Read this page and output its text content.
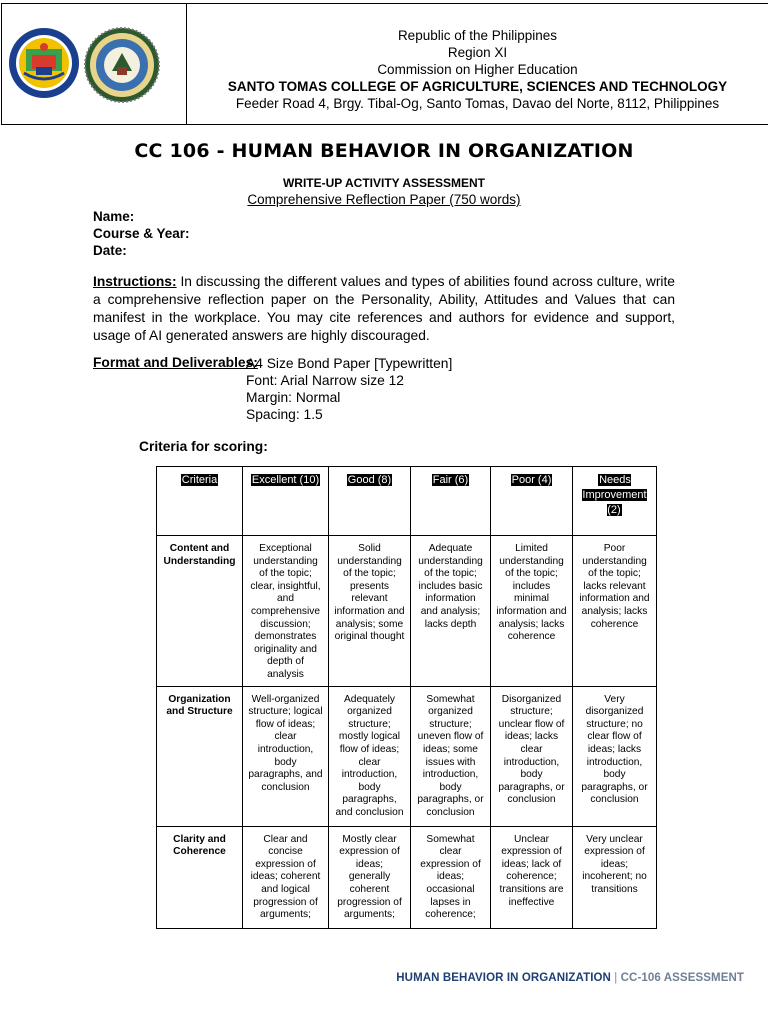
Republic of the Philippines
Region XI
Commission on Higher Education
SANTO TOMAS COLLEGE OF AGRICULTURE, SCIENCES AND TECHNOLOGY
Feeder Road 4, Brgy. Tibal-Og, Santo Tomas, Davao del Norte, 8112, Philippines
CC 106 - HUMAN BEHAVIOR IN ORGANIZATION
WRITE-UP ACTIVITY ASSESSMENT
Comprehensive Reflection Paper (750 words)
Name:
Course & Year:
Date:
Instructions: In discussing the different values and types of abilities found across culture, write a comprehensive reflection paper on the Personality, Ability, Attitudes and Values that can manifest in the workplace. You may cite references and authors for evidence and support, usage of AI generated answers are highly discouraged.
Format and Deliverables:
A4 Size Bond Paper [Typewritten]
Font: Arial Narrow size 12
Margin: Normal
Spacing: 1.5
Criteria for scoring:
Criteria	Excellent (10)	Good (8)	Fair (6)	Poor (4)	Needs Improvement (2)
Content and Understanding	Exceptional understanding of the topic; clear, insightful, and comprehensive discussion; demonstrates originality and depth of analysis	Solid understanding of the topic; presents relevant information and analysis; some original thought	Adequate understanding of the topic; includes basic information and analysis; lacks depth	Limited understanding of the topic; includes minimal information and analysis; lacks coherence	Poor understanding of the topic; lacks relevant information and analysis; lacks coherence
Organization and Structure	Well-organized structure; logical flow of ideas; clear introduction, body paragraphs, and conclusion	Adequately organized structure; mostly logical flow of ideas; clear introduction, body paragraphs, and conclusion	Somewhat organized structure; uneven flow of ideas; some issues with introduction, body paragraphs, or conclusion	Disorganized structure; unclear flow of ideas; lacks clear introduction, body paragraphs, or conclusion	Very disorganized structure; no clear flow of ideas; lacks introduction, body paragraphs, or conclusion
Clarity and Coherence	Clear and concise expression of ideas; coherent and logical progression of arguments;	Mostly clear expression of ideas; generally coherent progression of arguments;	Somewhat clear expression of ideas; occasional lapses in coherence;	Unclear expression of ideas; lack of coherence; transitions are ineffective	Very unclear expression of ideas; incoherent; no transitions
HUMAN BEHAVIOR IN ORGANIZATION | CC-106 ASSESSMENT
